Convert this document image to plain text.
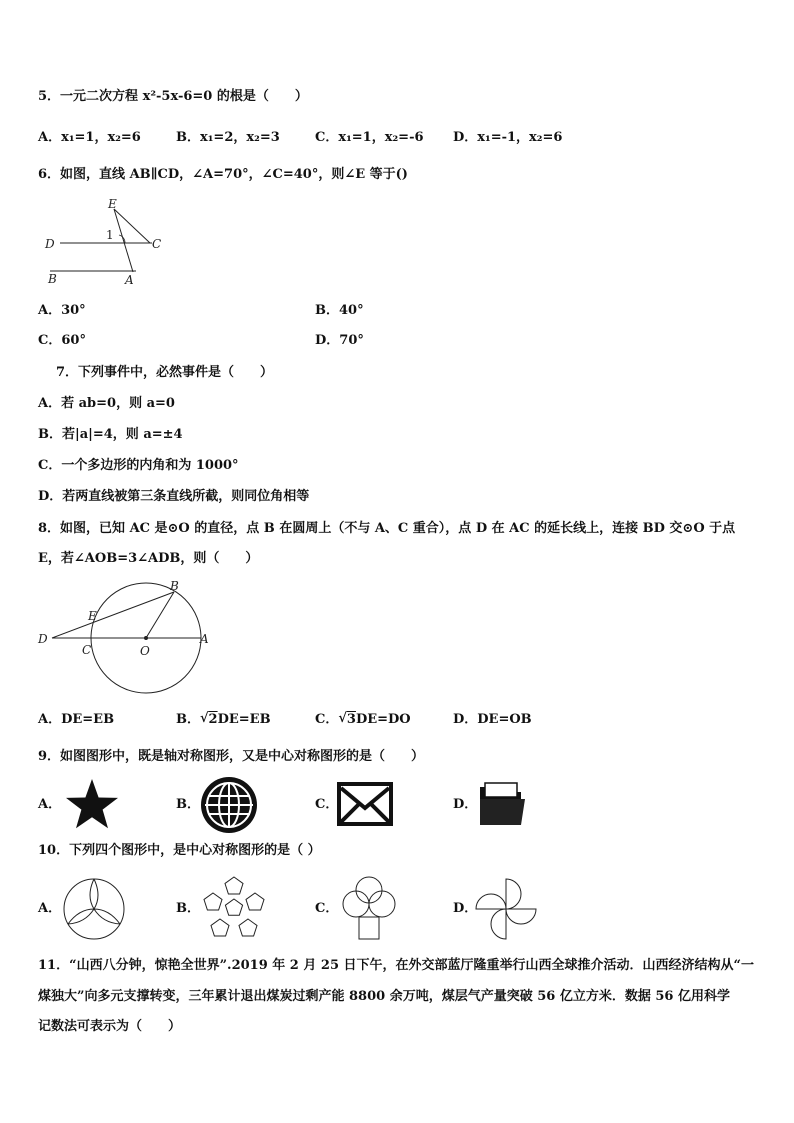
5．一元二次方程 x²-5x-6=0 的根是（　　）
A．x₁=1，x₂=6	B．x₁=2，x₂=3	C．x₁=1，x₂=-6 D．x₁=-1，x₂=6
6．如图，直线 AB∥CD，∠A=70°，∠C=40°，则∠E 等于()
E
1
D	C
B	A
A．30°	B．40°
C．60°	D．70°
7．下列事件中，必然事件是（　　）
A．若 ab=0，则 a=0
B．若|a|=4，则 a=±4
C．一个多边形的内角和为 1000°
D．若两直线被第三条直线所截，则同位角相等
8．如图，已知 AC 是⊙O 的直径，点 B 在圆周上（不与 A、C 重合），点 D 在 AC 的延长线上，连接 BD 交⊙O 于点
E，若∠AOB=3∠ADB，则（　　）
B
E
D
C	O
A
A．DE=EB	B．√2DE=EB	C．√3DE=DO	D．DE=OB
9．如图图形中，既是轴对称图形，又是中心对称图形的是（　　）
A．	B．	C．	D．
10．下列四个图形中，是中心对称图形的是（ ）
A．	B．	C．	D．
11．“山西八分钟，惊艳全世界”.2019 年 2 月 25 日下午，在外交部蓝厅隆重举行山西全球推介活动．山西经济结构从“一
煤独大”向多元支撑转变，三年累计退出煤炭过剩产能 8800 余万吨，煤层气产量突破 56 亿立方米．数据 56 亿用科学
记数法可表示为（　　）
